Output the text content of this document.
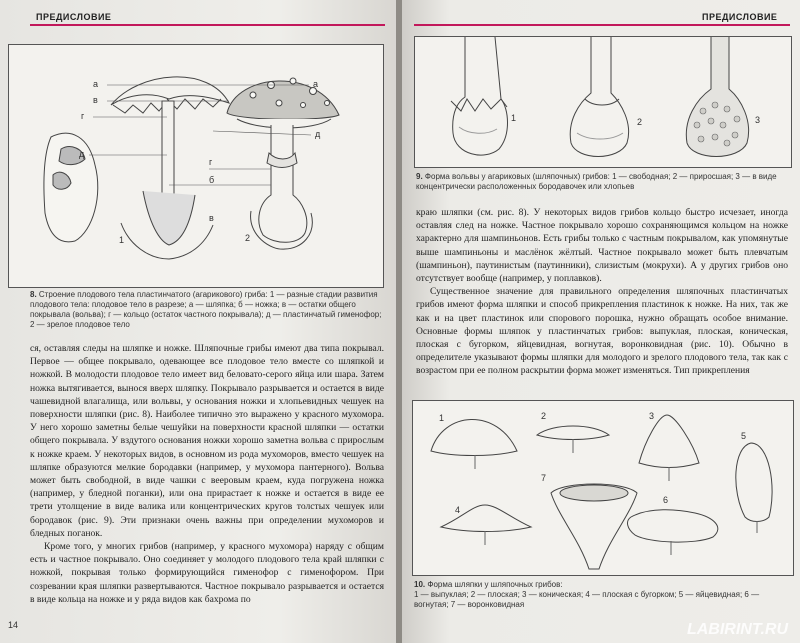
ПРЕДИСЛОВИЕ
а
в
г
д
а
д
г
б
в
1	2
8. Строение плодового тела пластинчатого (агарикового) гриба: 1 — разные стадии развития плодового тела: плодовое тело в разрезе; а — шляпка; б — ножка; в — остатки общего покрывала (вольва); г — кольцо (остаток частного покрывала); д — пластинчатый гименофор; 2 — зрелое плодовое тело

ся, оставляя следы на шляпке и ножке. Шляпочные грибы имеют два типа покрывал. Первое — общее покрывало, одевающее все плодовое тело вместе со шляпкой и ножкой. В молодости плодовое тело имеет вид беловато-серого яйца или шара. Затем ножка вытягивается, вынося вверх шляпку. Покрывало разрывается и остается в виде чашевидной влагалища, или вольвы, у основания ножки и хлопьевидных чешуек на поверхности шляпки (рис. 8). Наиболее типично это выражено у красного мухомора. У него хорошо заметны белые чешуйки на поверхности красной шляпки — остатки общего покрывала. У вздутого основания ножки хорошо заметна вольва с прирослым к ножке краем. У некоторых видов, в основном из рода мухоморов, вместо чешуек на шляпке образуются мелкие бородавки (например, у мухомора пантерного). Вольва может быть свободной, в виде чашки с вееровым краем, куда погружена ножка (например, у бледной поганки), или она прирастает к ножке и остается в виде ее трети утолщение в виде валика или концентрических кругов толстых чешуек или бородавок (рис. 9). Эти признаки очень важны при определении мухоморов и бледных поганок.

Кроме того, у многих грибов (например, у красного мухомора) наряду с общим есть и частное покрывало. Оно соединяет у молодого плодового тела край шляпки с ножкой, покрывая только формирующийся гименофор с гименофором. При созревании края шляпки развертываются. Частное покрывало разрывается и остается в виде кольца на ножке и у ряда видов как бахрома по

14
ПРЕДИСЛОВИЕ
1	2	3
9. Форма вольвы у агариковых (шляпочных) грибов: 1 — свободная; 2 — приросшая; 3 — в виде концентрически расположенных бородавочек или хлопьев

краю шляпки (см. рис. 8). У некоторых видов грибов кольцо быстро исчезает, иногда оставляя след на ножке. Частное покрывало хорошо сохраняющимся кольцом на ножке характерно для шампиньонов. Есть грибы только с частным покрывалом, как упомянутые выше шампиньоны и маслёнок жёлтый. Частное покрывало может быть плевчатым (шампиньон), паутинистым (паутинники), слизистым (мокрухи). А у других грибов оно отсутствует вообще (например, у поплавков).

Существенное значение для правильного определения шляпочных пластинчатых грибов имеют форма шляпки и способ прикрепления пластинок к ножке. На них, так же как и на цвет пластинок или спорового порошка, нужно обращать особое внимание. Основные формы шляпок у пластинчатых грибов: выпуклая, плоская, коническая, плоская с бугорком, яйцевидная, вогнутая, воронковидная (рис. 10). Обычно в определителе указывают формы шляпки для молодого и зрелого плодового тела, так как с возрастом при ее полном раскрытии форма может изменяться. Тип прикрепления

1	2	3
4
5
6
7
10. Форма шляпки у шляпочных грибов:
1 — выпуклая; 2 — плоская; 3 — коническая; 4 — плоская с бугорком; 5 — яйцевидная; 6 — вогнутая; 7 — воронковидная
LABIRINT.RU
